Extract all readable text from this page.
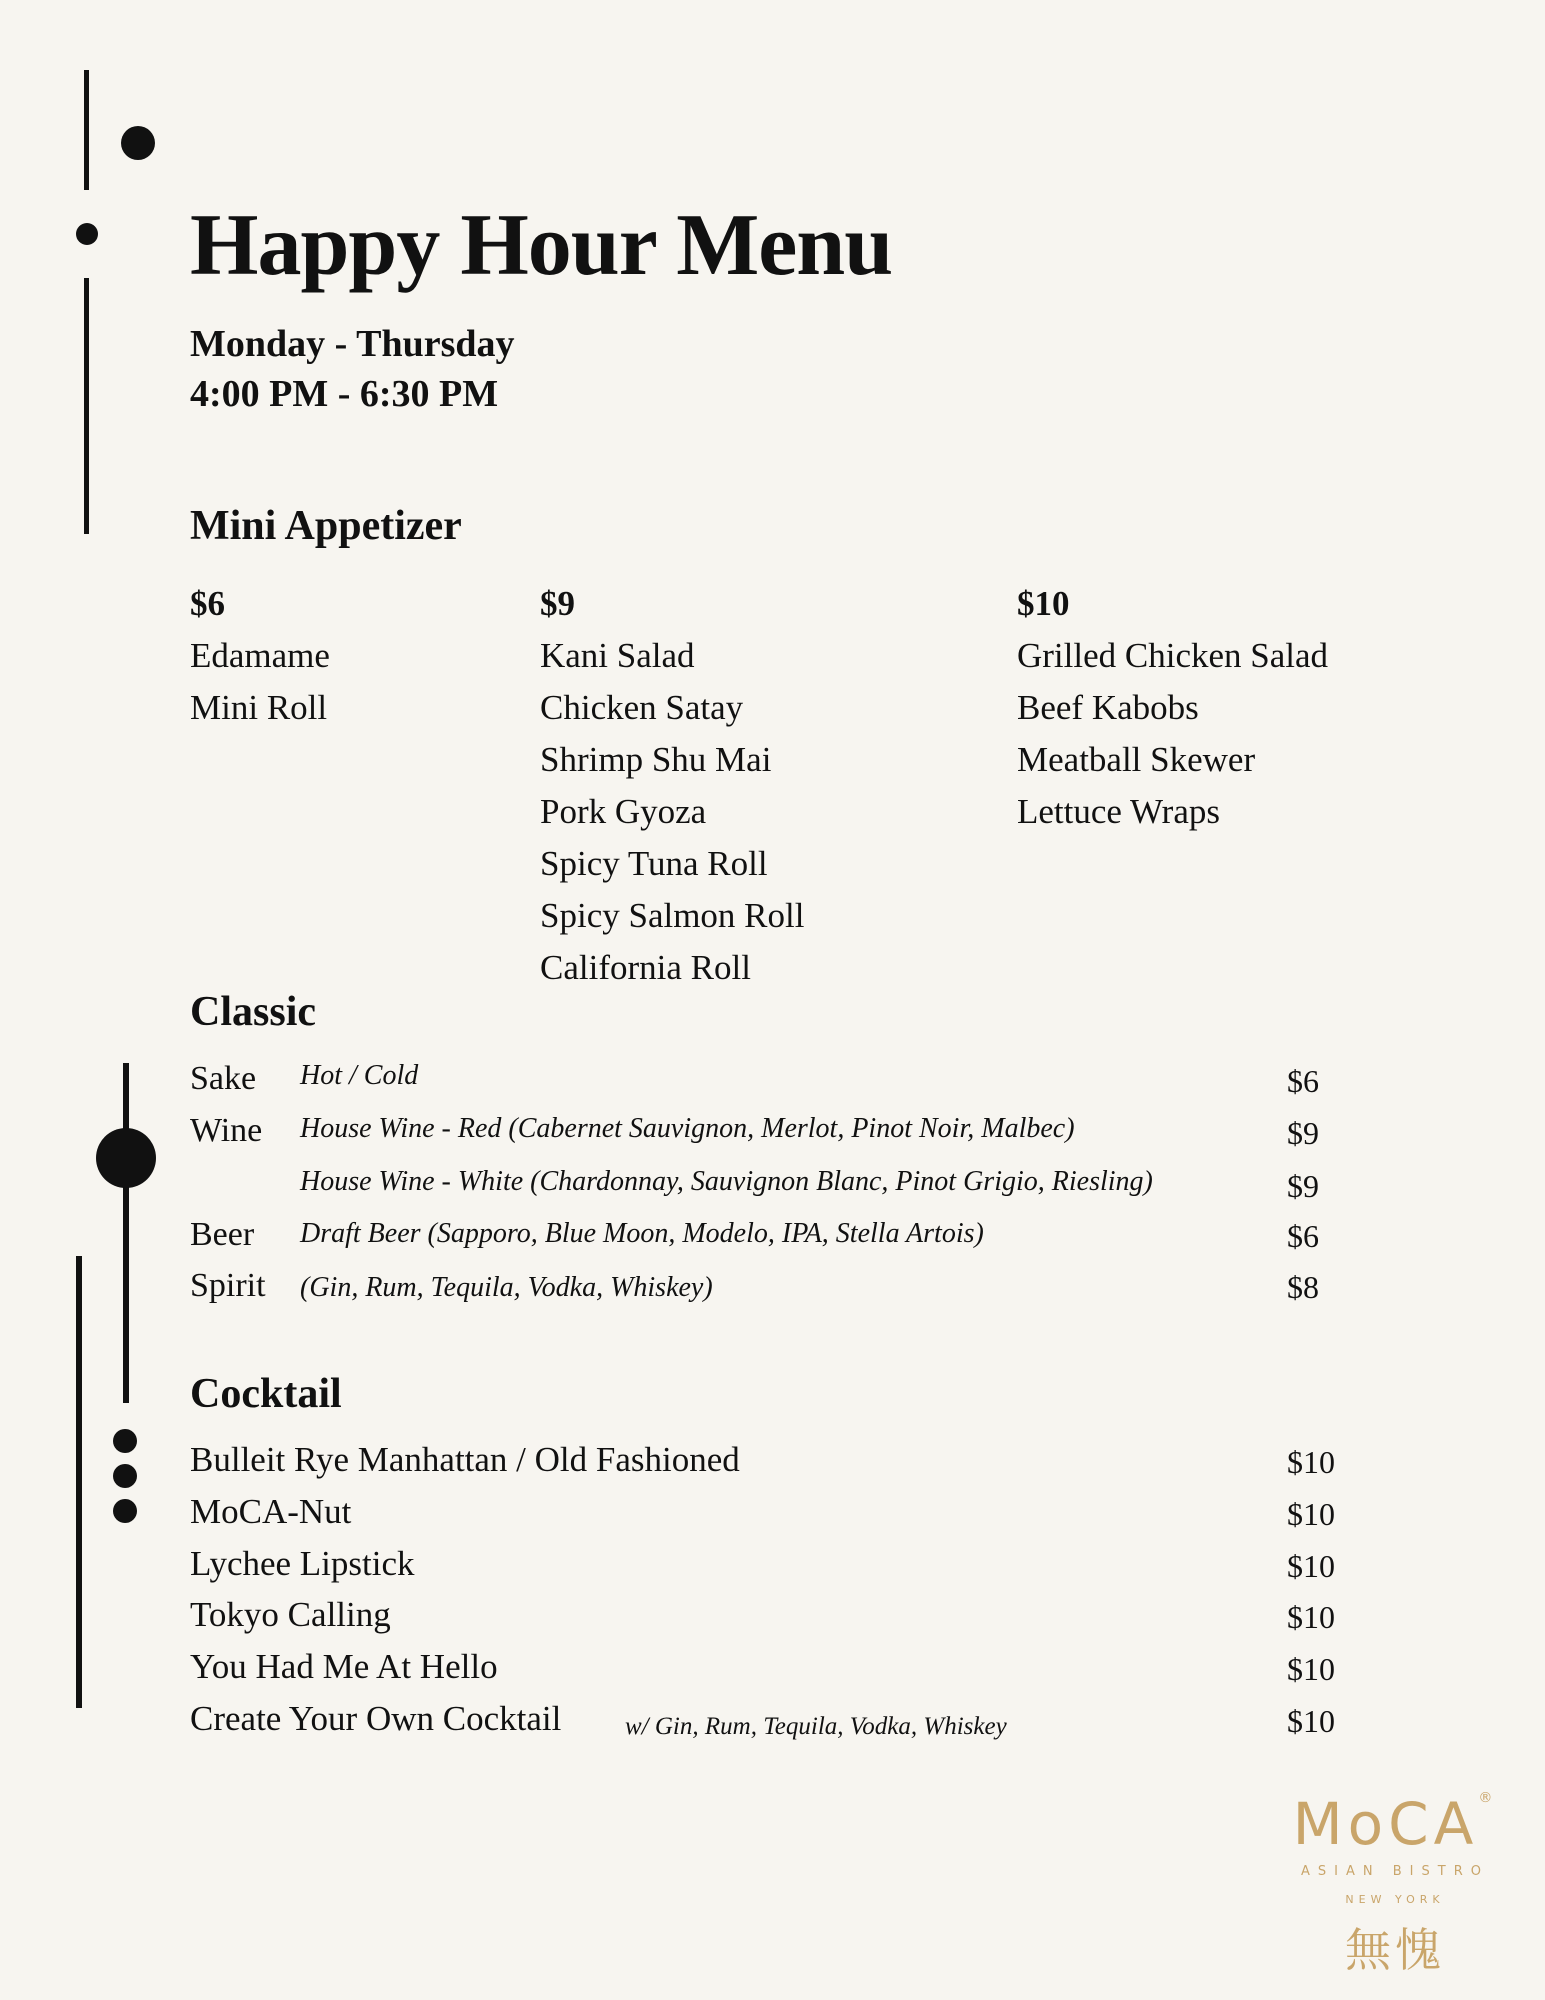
Happy Hour Menu
Monday - Thursday
4:00 PM - 6:30 PM
Mini Appetizer
$6
Edamame
Mini Roll
$9
Kani Salad
Chicken Satay
Shrimp Shu Mai
Pork Gyoza
Spicy Tuna Roll
Spicy Salmon Roll
California Roll
$10
Grilled Chicken Salad
Beef Kabobs
Meatball Skewer
Lettuce Wraps
Classic
Sake Hot / Cold	$6
Wine House Wine - Red (Cabernet Sauvignon, Merlot, Pinot Noir, Malbec)	$9
House Wine - White (Chardonnay, Sauvignon Blanc, Pinot Grigio, Riesling)	$9
Beer Draft Beer (Sapporo, Blue Moon, Modelo, IPA, Stella Artois)	$6
Spirit (Gin, Rum, Tequila, Vodka, Whiskey)	$8
Cocktail
Bulleit Rye Manhattan / Old Fashioned	$10
MoCA-Nut	$10
Lychee Lipstick	$10
Tokyo Calling	$10
You Had Me At Hello	$10
Create Your Own Cocktail	w/ Gin, Rum, Tequila, Vodka, Whiskey	$10
MoCA®
ASIAN BISTRO
NEW YORK
無愧
